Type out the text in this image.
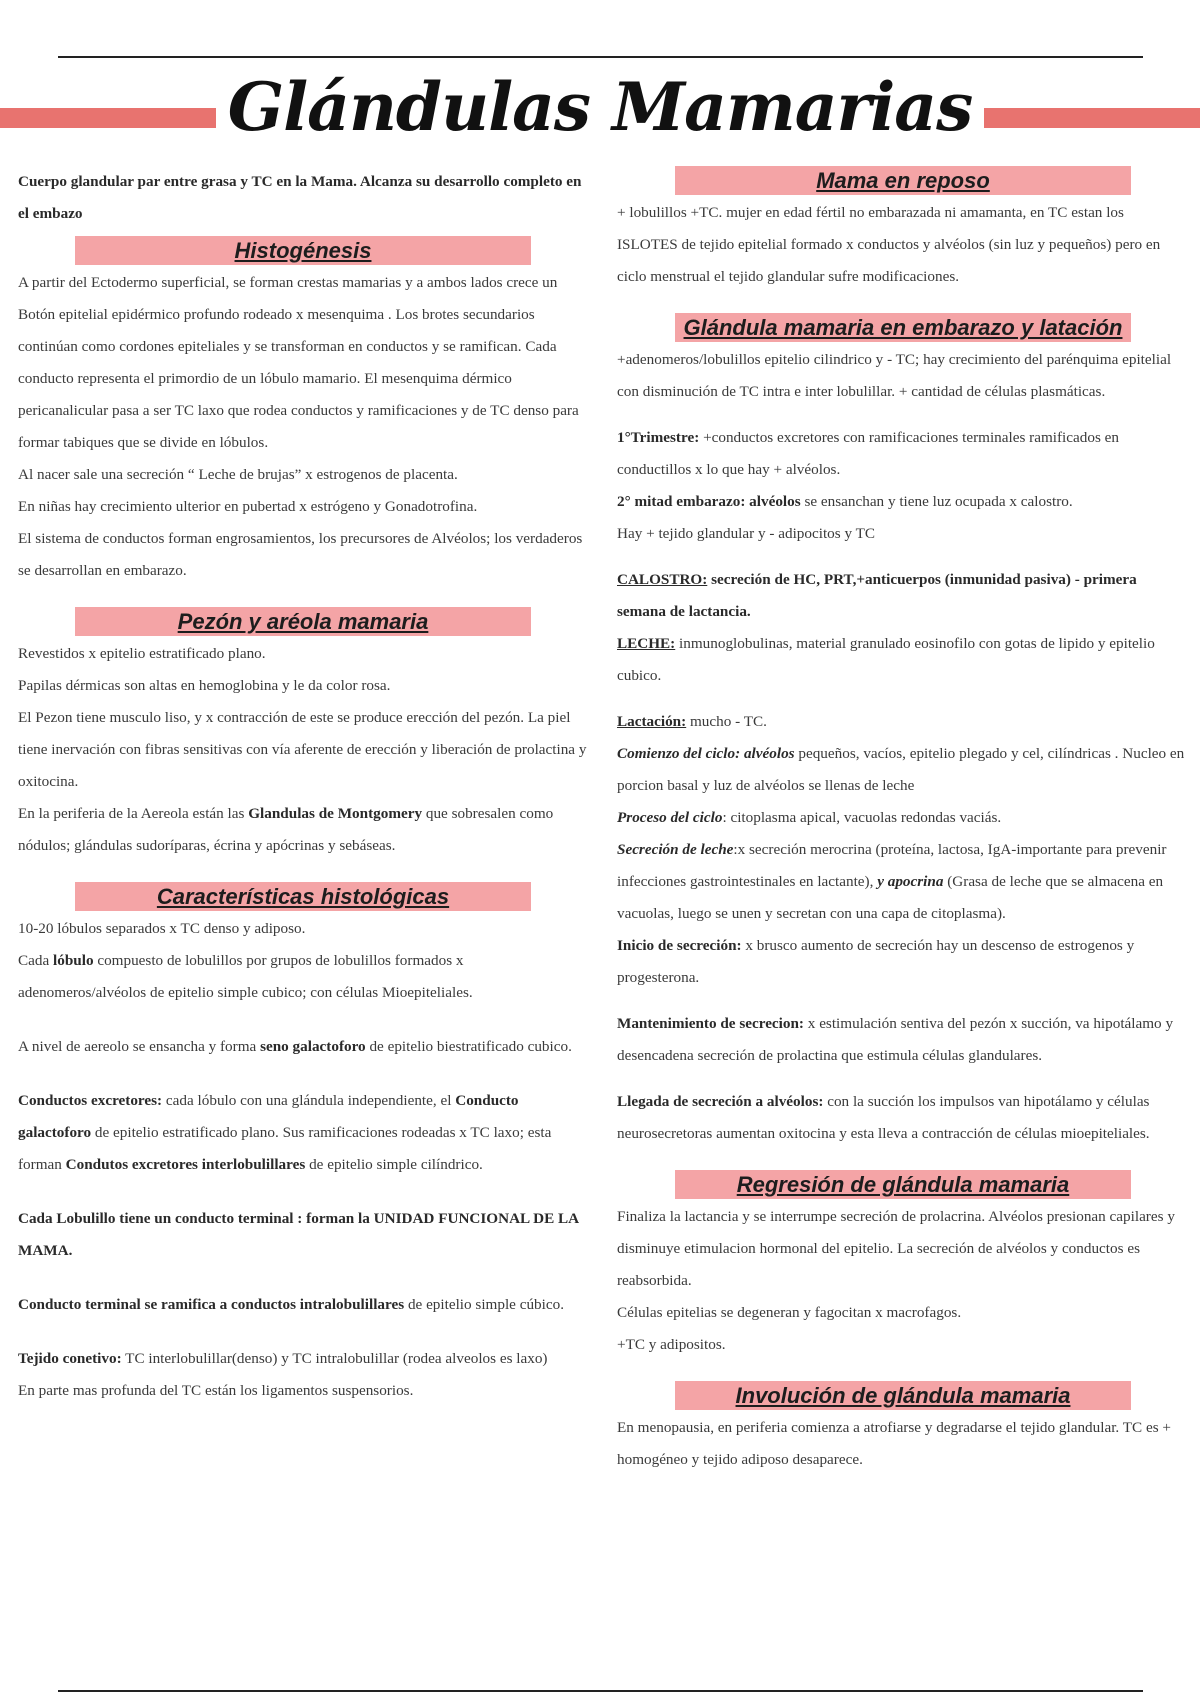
Glándulas Mamarias

Cuerpo glandular par entre grasa y TC en la Mama. Alcanza su desarrollo completo en el embazo

Histogénesis

A partir del Ectodermo superficial, se forman crestas mamarias y a ambos lados crece un Botón epitelial epidérmico profundo rodeado x mesenquima . Los brotes secundarios continúan como cordones epiteliales y se transforman en conductos y se ramifican. Cada conducto representa el primordio de un lóbulo mamario. El mesenquima dérmico pericanalicular pasa a ser TC laxo que rodea conductos y ramificaciones y de TC denso para formar tabiques que se divide en lóbulos.

Al nacer sale una secreción “ Leche de brujas” x estrogenos de placenta.

En niñas hay crecimiento ulterior en pubertad x estrógeno y Gonadotrofina.

El sistema de conductos forman engrosamientos, los precursores de Alvéolos; los verdaderos se desarrollan en embarazo.

Pezón y aréola mamaria

Revestidos x epitelio estratificado plano.

Papilas dérmicas son altas en hemoglobina y le da color rosa.

El Pezon tiene musculo liso, y x contracción de este se produce erección del pezón. La piel tiene inervación con fibras sensitivas con vía aferente de erección y liberación de prolactina y oxitocina.

En la periferia de la Aereola están las Glandulas de Montgomery que sobresalen como nódulos; glándulas sudoríparas, écrina y apócrinas y sebáseas.

Características histológicas

10-20 lóbulos separados x TC denso y adiposo.

Cada lóbulo compuesto de lobulillos por grupos de lobulillos formados x adenomeros/alvéolos de epitelio simple cubico; con células Mioepiteliales.

A nivel de aereolo se ensancha y forma seno galactoforo de epitelio biestratificado cubico.

Conductos excretores: cada lóbulo con una glándula independiente, el Conducto galactoforo de epitelio estratificado plano. Sus ramificaciones rodeadas x TC laxo; esta forman Condutos excretores interlobulillares de epitelio simple cilíndrico.

Cada Lobulillo tiene un conducto terminal : forman la UNIDAD FUNCIONAL DE LA MAMA.

Conducto terminal se ramifica a conductos intralobulillares de epitelio simple cúbico.

Tejido conetivo: TC interlobulillar(denso) y TC intralobulillar (rodea alveolos es laxo)

En parte mas profunda del TC están los ligamentos suspensorios.

Mama en reposo

+ lobulillos +TC. mujer en edad fértil no embarazada ni amamanta, en TC estan los ISLOTES de tejido epitelial formado x conductos y alvéolos (sin luz y pequeños) pero en ciclo menstrual el tejido glandular sufre modificaciones.

Glándula mamaria en embarazo y latación

+adenomeros/lobulillos epitelio cilindrico y - TC; hay crecimiento del parénquima epitelial con disminución de TC intra e inter lobulillar. + cantidad de células plasmáticas.

1°Trimestre: +conductos excretores con ramificaciones terminales ramificados en conductillos x lo que hay + alvéolos.

2° mitad embarazo: alvéolos se ensanchan y tiene luz ocupada x calostro.

Hay + tejido glandular y - adipocitos y TC

CALOSTRO: secreción de HC, PRT,+anticuerpos (inmunidad pasiva) - primera semana de lactancia.

LECHE: inmunoglobulinas, material granulado eosinofilo con gotas de lipido y epitelio cubico.

Lactación: mucho - TC.

Comienzo del ciclo: alvéolos pequeños, vacíos, epitelio plegado y cel, cilíndricas . Nucleo en porcion basal y luz de alvéolos se llenas de leche

Proceso del ciclo: citoplasma apical, vacuolas redondas vaciás.

Secreción de leche:x secreción merocrina (proteína, lactosa, IgA-importante para prevenir infecciones gastrointestinales en lactante), y apocrina (Grasa de leche que se almacena en vacuolas, luego se unen y secretan con una capa de citoplasma).

Inicio de secreción: x brusco aumento de secreción hay un descenso de estrogenos y progesterona.

Mantenimiento de secrecion: x estimulación sentiva del pezón x succión, va hipotálamo y desencadena secreción de prolactina que estimula células glandulares.

Llegada de secreción a alvéolos: con la succión los impulsos van hipotálamo y células neurosecretoras aumentan oxitocina y esta lleva a contracción de células mioepiteliales.

Regresión de glándula mamaria

Finaliza la lactancia y se interrumpe secreción de prolacrina. Alvéolos presionan capilares y disminuye etimulacion hormonal del epitelio. La secreción de alvéolos y conductos es reabsorbida.

Células epitelias se degeneran y fagocitan x macrofagos.

+TC y adipositos.

Involución de glándula mamaria

En menopausia, en periferia comienza a atrofiarse y degradarse el tejido glandular. TC es + homogéneo y tejido adiposo desaparece.
